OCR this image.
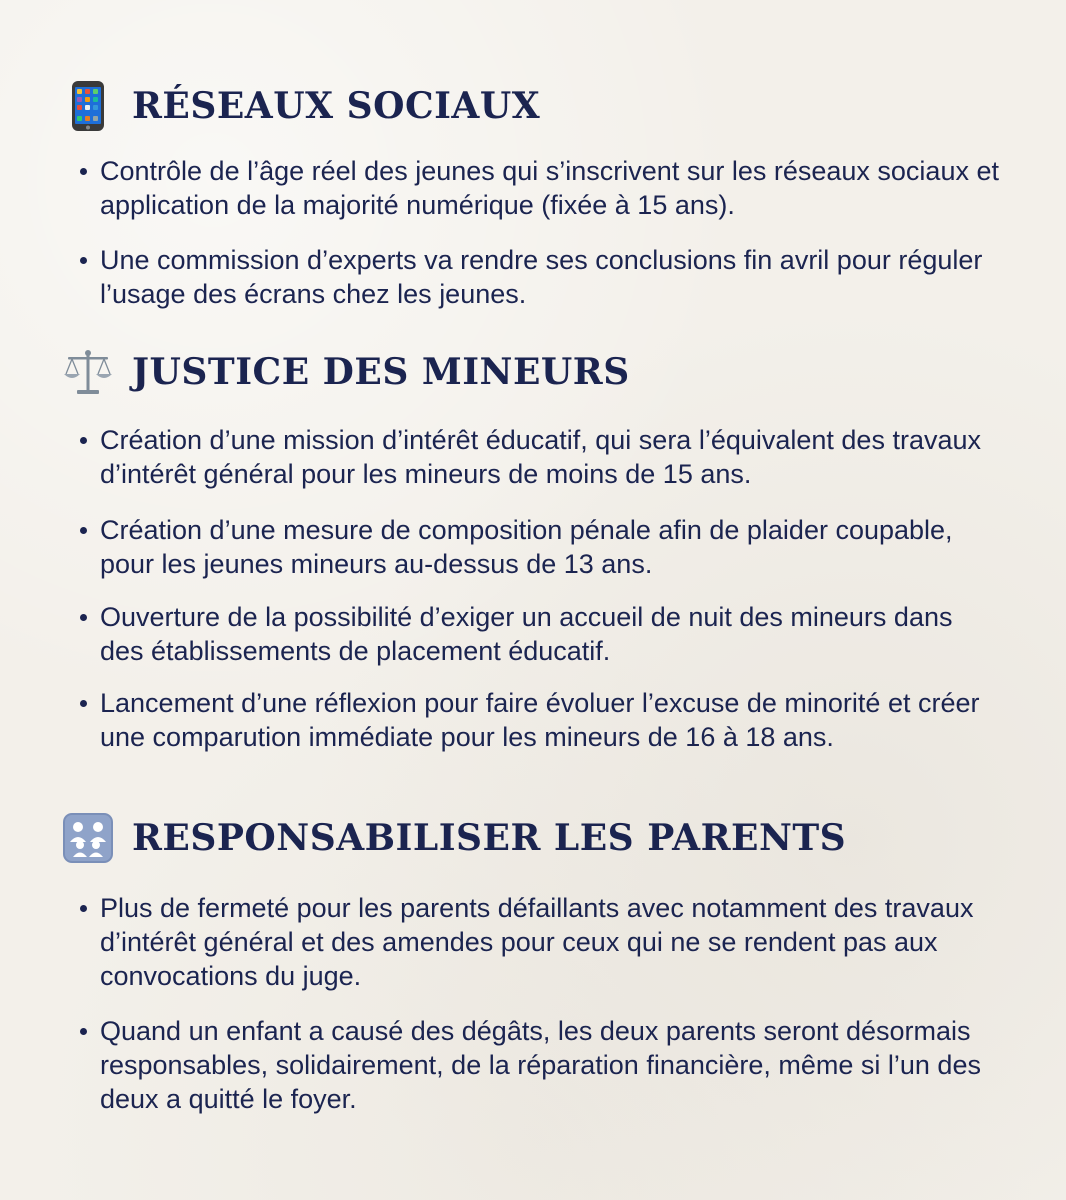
RÉSEAUX SOCIAUX
Contrôle de l’âge réel des jeunes qui s’inscrivent sur les réseaux sociaux et application de la majorité numérique (fixée à 15 ans).
Une commission d’experts va rendre ses conclusions fin avril pour réguler l’usage des écrans chez les jeunes.
JUSTICE DES MINEURS
Création d’une mission d’intérêt éducatif, qui sera l’équivalent des travaux d’intérêt général pour les mineurs de moins de 15 ans.
Création d’une mesure de composition pénale afin de plaider coupable, pour les jeunes mineurs au-dessus de 13 ans.
Ouverture de la possibilité d’exiger un accueil de nuit des mineurs dans des établissements de placement éducatif.
Lancement d’une réflexion pour faire évoluer l’excuse de minorité et créer une comparution immédiate pour les mineurs de 16 à 18 ans.
RESPONSABILISER LES PARENTS
Plus de fermeté pour les parents défaillants avec notamment des travaux d’intérêt général et des amendes pour ceux qui ne se rendent pas aux convocations du juge.
Quand un enfant a causé des dégâts, les deux parents seront désormais responsables, solidairement, de la réparation financière, même si l’un des deux a quitté le foyer.
